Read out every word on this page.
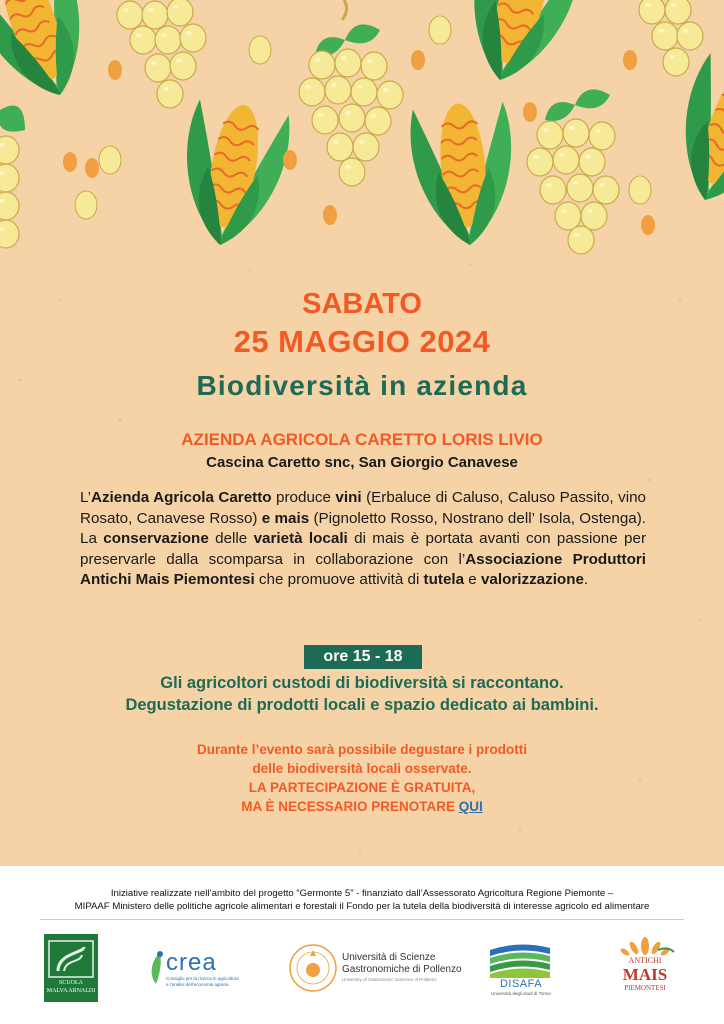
SABATO
25 MAGGIO 2024
Biodiversità in azienda
AZIENDA AGRICOLA CARETTO LORIS LIVIO
Cascina Caretto snc, San Giorgio Canavese
L’Azienda Agricola Caretto produce vini (Erbaluce di Caluso, Caluso Passito, vino Rosato, Canavese Rosso) e mais (Pignoletto Rosso, Nostrano dell’ Isola, Ostenga). La conservazione delle varietà locali di mais è portata avanti con passione per preservarle dalla scomparsa in collaborazione con l’Associazione Produttori Antichi Mais Piemontesi che promuove attività di tutela e valorizzazione.
ore 15 - 18
Gli agricoltori custodi di biodiversità si raccontano.
Degustazione di prodotti locali e spazio dedicato ai bambini.
Durante l’evento sarà possibile degustare i prodotti
delle biodiversità locali osservate.
LA PARTECIPAZIONE È GRATUITA,
MA È NECESSARIO PRENOTARE QUI
Iniziative realizzate nell’ambito del progetto “Germonte 5” - finanziato dall’Assessorato Agricoltura Regione Piemonte –
MIPAAF Ministero delle politiche agricole alimentari e forestali il Fondo per la tutela della biodiversità di interesse agricolo ed alimentare
SCUOLA
MALVA ARNALDI
crea
Consiglio per la ricerca in agricoltura
e l’analisi dell’economia agraria
Università di Scienze
Gastronomiche di Pollenzo
University of Gastronomic Sciences of Pollenzo	DISAFA
Università degli studi di Torino
ANTICHI
MAIS
PIEMONTESI
